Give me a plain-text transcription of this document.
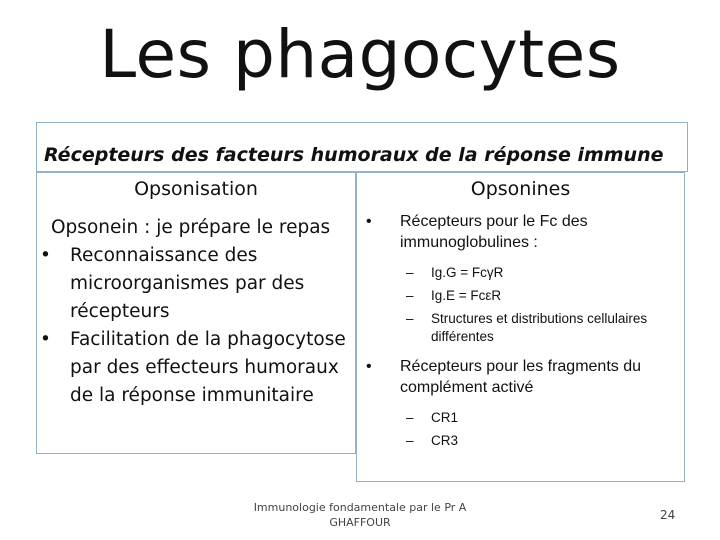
Les phagocytes
Récepteurs des facteurs humoraux de la réponse immune
Opsonisation	Opsonines
Opsonein : je prépare le repas
• Reconnaissance des microorganismes par des récepteurs
• Facilitation de la phagocytose par des effecteurs humoraux de la réponse immunitaire
• Récepteurs pour le Fc des immunoglobulines :
– Ig.G = FcγR
– Ig.E = FcεR
– Structures et distributions cellulaires différentes
• Récepteurs pour les fragments du complément activé
– CR1
– CR3
Immunologie fondamentale par le Pr A GHAFFOUR
24
